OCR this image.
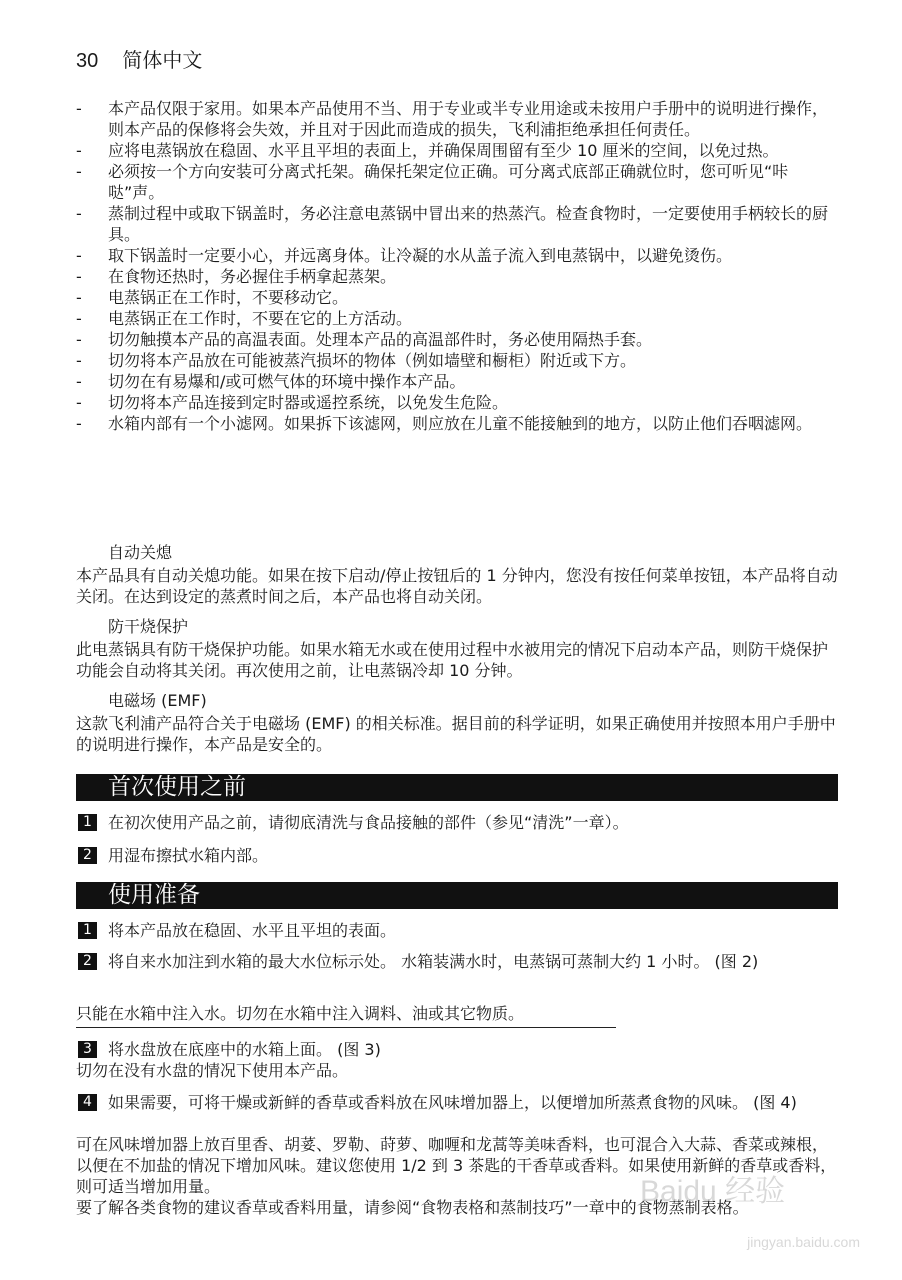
30 简体中文

- 本产品仅限于家用。如果本产品使用不当、用于专业或半专业用途或未按用户手册中的说明进行操作，则本产品的保修将会失效，并且对于因此而造成的损失，飞利浦拒绝承担任何责任。

- 应将电蒸锅放在稳固、水平且平坦的表面上，并确保周围留有至少 10 厘米的空间，以免过热。

- 必须按一个方向安装可分离式托架。确保托架定位正确。可分离式底部正确就位时，您可听见“咔哒”声。

- 蒸制过程中或取下锅盖时，务必注意电蒸锅中冒出来的热蒸汽。检查食物时，一定要使用手柄较长的厨具。

- 取下锅盖时一定要小心，并远离身体。让冷凝的水从盖子流入到电蒸锅中，以避免烫伤。

- 在食物还热时，务必握住手柄拿起蒸架。

- 电蒸锅正在工作时，不要移动它。

- 电蒸锅正在工作时，不要在它的上方活动。

- 切勿触摸本产品的高温表面。处理本产品的高温部件时，务必使用隔热手套。

- 切勿将本产品放在可能被蒸汽损坏的物体（例如墙壁和橱柜）附近或下方。

- 切勿在有易爆和/或可燃气体的环境中操作本产品。

- 切勿将本产品连接到定时器或遥控系统，以免发生危险。

- 水箱内部有一个小滤网。如果拆下该滤网，则应放在儿童不能接触到的地方，以防止他们吞咽滤网。

自动关熄
本产品具有自动关熄功能。如果在按下启动/停止按钮后的 1 分钟内，您没有按任何菜单按钮，本产品将自动关闭。在达到设定的蒸煮时间之后，本产品也将自动关闭。
防干烧保护
此电蒸锅具有防干烧保护功能。如果水箱无水或在使用过程中水被用完的情况下启动本产品，则防干烧保护功能会自动将其关闭。再次使用之前，让电蒸锅冷却 10 分钟。
电磁场 (EMF)
这款飞利浦产品符合关于电磁场 (EMF) 的相关标准。据目前的科学证明，如果正确使用并按照本用户手册中的说明进行操作，本产品是安全的。
首次使用之前
1	在初次使用产品之前，请彻底清洗与食品接触的部件（参见“清洗”一章）。
2	用湿布擦拭水箱内部。
使用准备
1	将本产品放在稳固、水平且平坦的表面。
2	将自来水加注到水箱的最大水位标示处。 水箱装满水时，电蒸锅可蒸制大约 1 小时。 (图 2)
只能在水箱中注入水。切勿在水箱中注入调料、油或其它物质。
3	将水盘放在底座中的水箱上面。 (图 3)
切勿在没有水盘的情况下使用本产品。
4	如果需要，可将干燥或新鲜的香草或香料放在风味增加器上，以便增加所蒸煮食物的风味。 (图 4)
可在风味增加器上放百里香、胡荽、罗勒、莳萝、咖喱和龙蒿等美味香料，也可混合入大蒜、香菜或辣根，以便在不加盐的情况下增加风味。建议您使用 1/2 到 3 茶匙的干香草或香料。如果使用新鲜的香草或香料，则可适当增加用量。
要了解各类食物的建议香草或香料用量，请参阅“食物表格和蒸制技巧”一章中的食物蒸制表格。
Baidu 经验
jingyan.baidu.com
